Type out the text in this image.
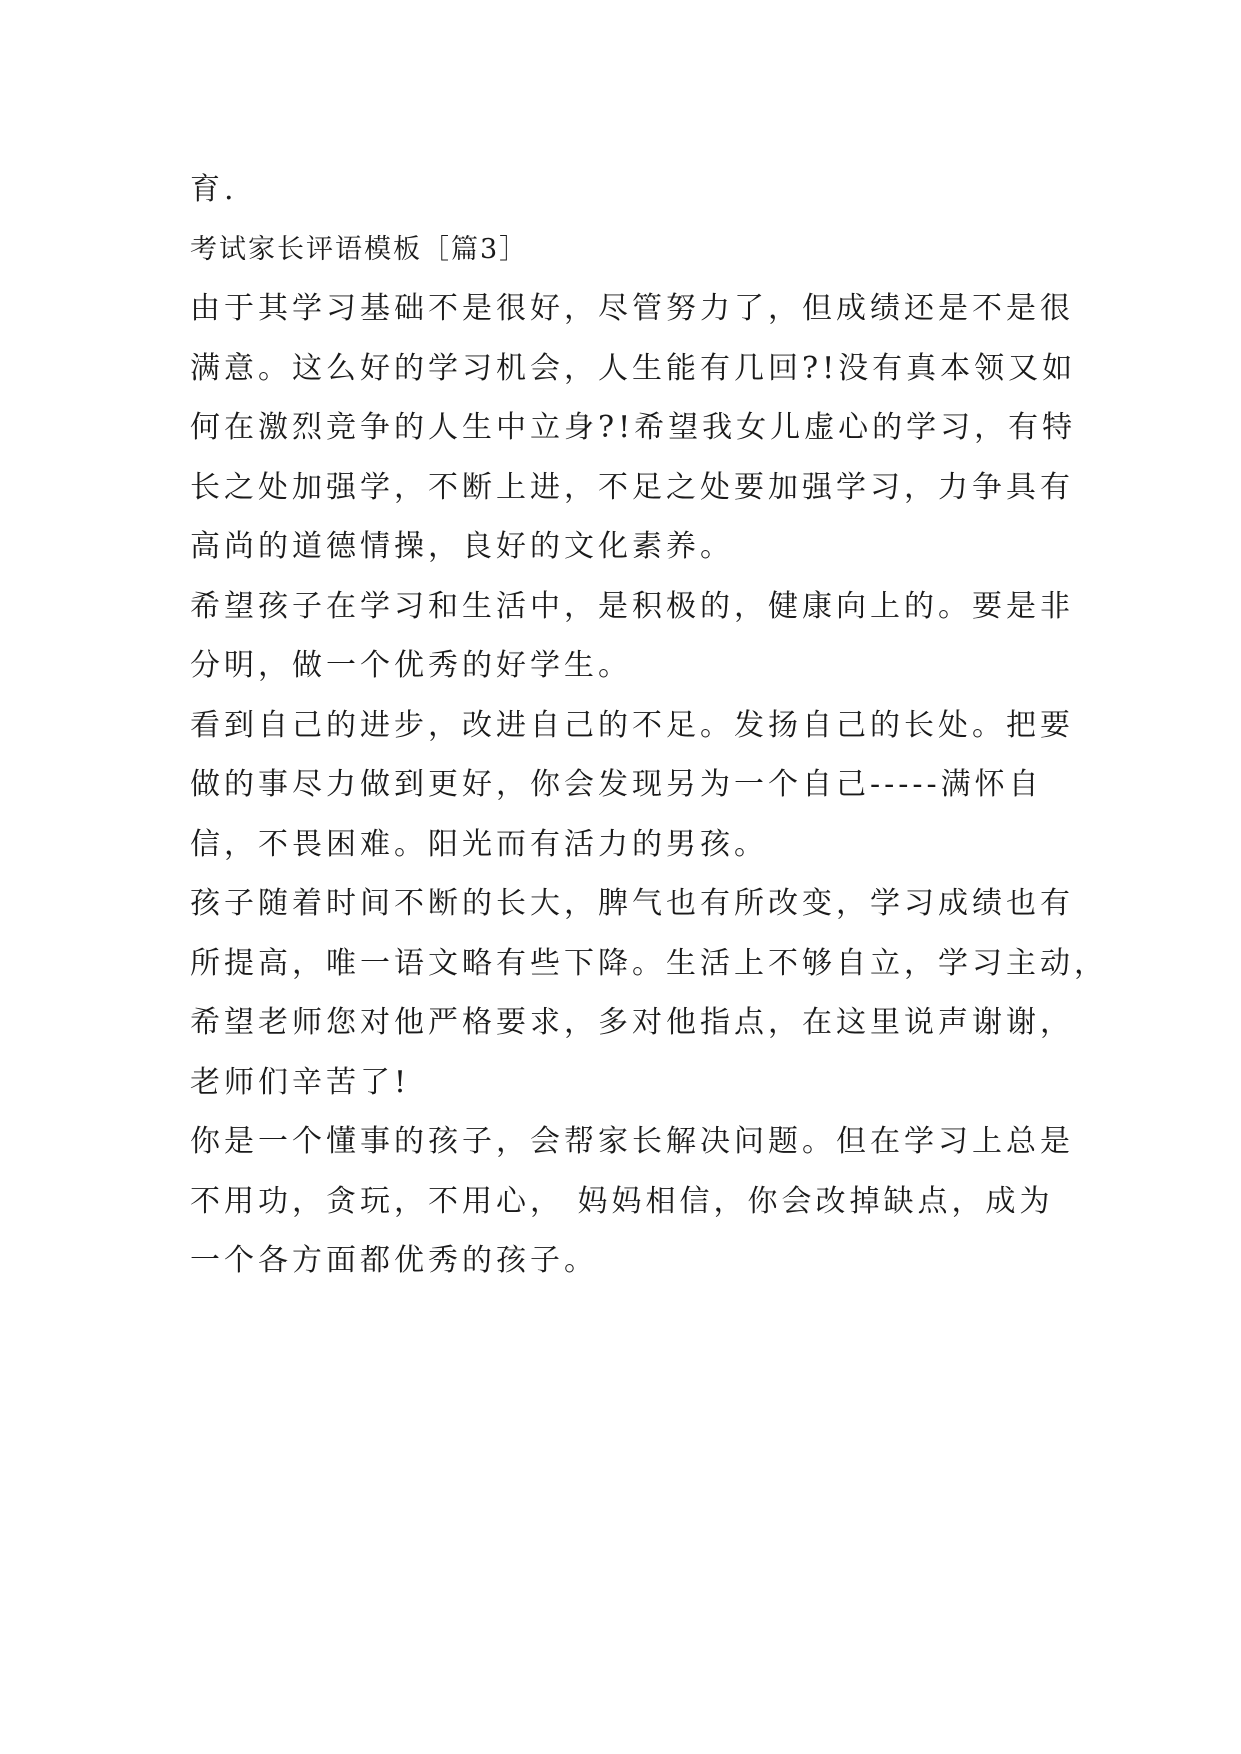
育.
考试家长评语模板［篇3］
由于其学习基础不是很好，尽管努力了，但成绩还是不是很
满意。这么好的学习机会，人生能有几回?!没有真本领又如
何在激烈竞争的人生中立身?!希望我女儿虚心的学习，有特
长之处加强学，不断上进，不足之处要加强学习，力争具有
高尚的道德情操，良好的文化素养。
希望孩子在学习和生活中，是积极的，健康向上的。要是非
分明，做一个优秀的好学生。
看到自己的进步，改进自己的不足。发扬自己的长处。把要
做的事尽力做到更好，你会发现另为一个自己-----满怀自
信，不畏困难。阳光而有活力的男孩。
孩子随着时间不断的长大，脾气也有所改变，学习成绩也有
所提高，唯一语文略有些下降。生活上不够自立，学习主动，
希望老师您对他严格要求，多对他指点，在这里说声谢谢，
老师们辛苦了!
你是一个懂事的孩子，会帮家长解决问题。但在学习上总是
不用功，贪玩，不用心， 妈妈相信，你会改掉缺点，成为
一个各方面都优秀的孩子。
